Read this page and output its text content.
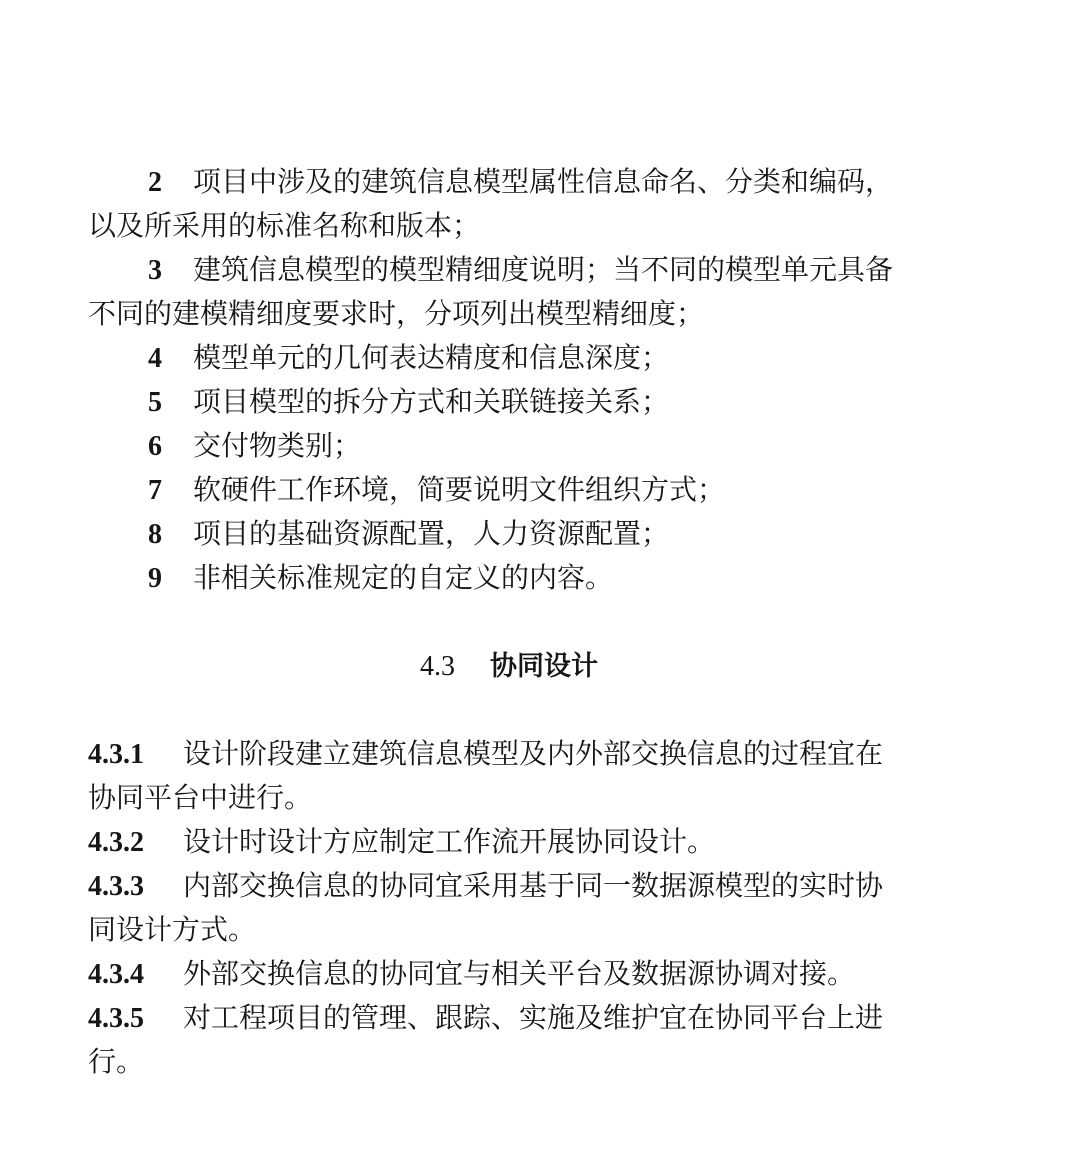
2 项目中涉及的建筑信息模型属性信息命名、分类和编码，
以及所采用的标准名称和版本；
3 建筑信息模型的模型精细度说明；当不同的模型单元具备
不同的建模精细度要求时，分项列出模型精细度；
4 模型单元的几何表达精度和信息深度；
5 项目模型的拆分方式和关联链接关系；
6 交付物类别；
7 软硬件工作环境，简要说明文件组织方式；
8 项目的基础资源配置，人力资源配置；
9 非相关标准规定的自定义的内容。
4.3 协同设计
4.3.1 设计阶段建立建筑信息模型及内外部交换信息的过程宜在
协同平台中进行。
4.3.2 设计时设计方应制定工作流开展协同设计。
4.3.3 内部交换信息的协同宜采用基于同一数据源模型的实时协
同设计方式。
4.3.4 外部交换信息的协同宜与相关平台及数据源协调对接。
4.3.5 对工程项目的管理、跟踪、实施及维护宜在协同平台上进
行。
